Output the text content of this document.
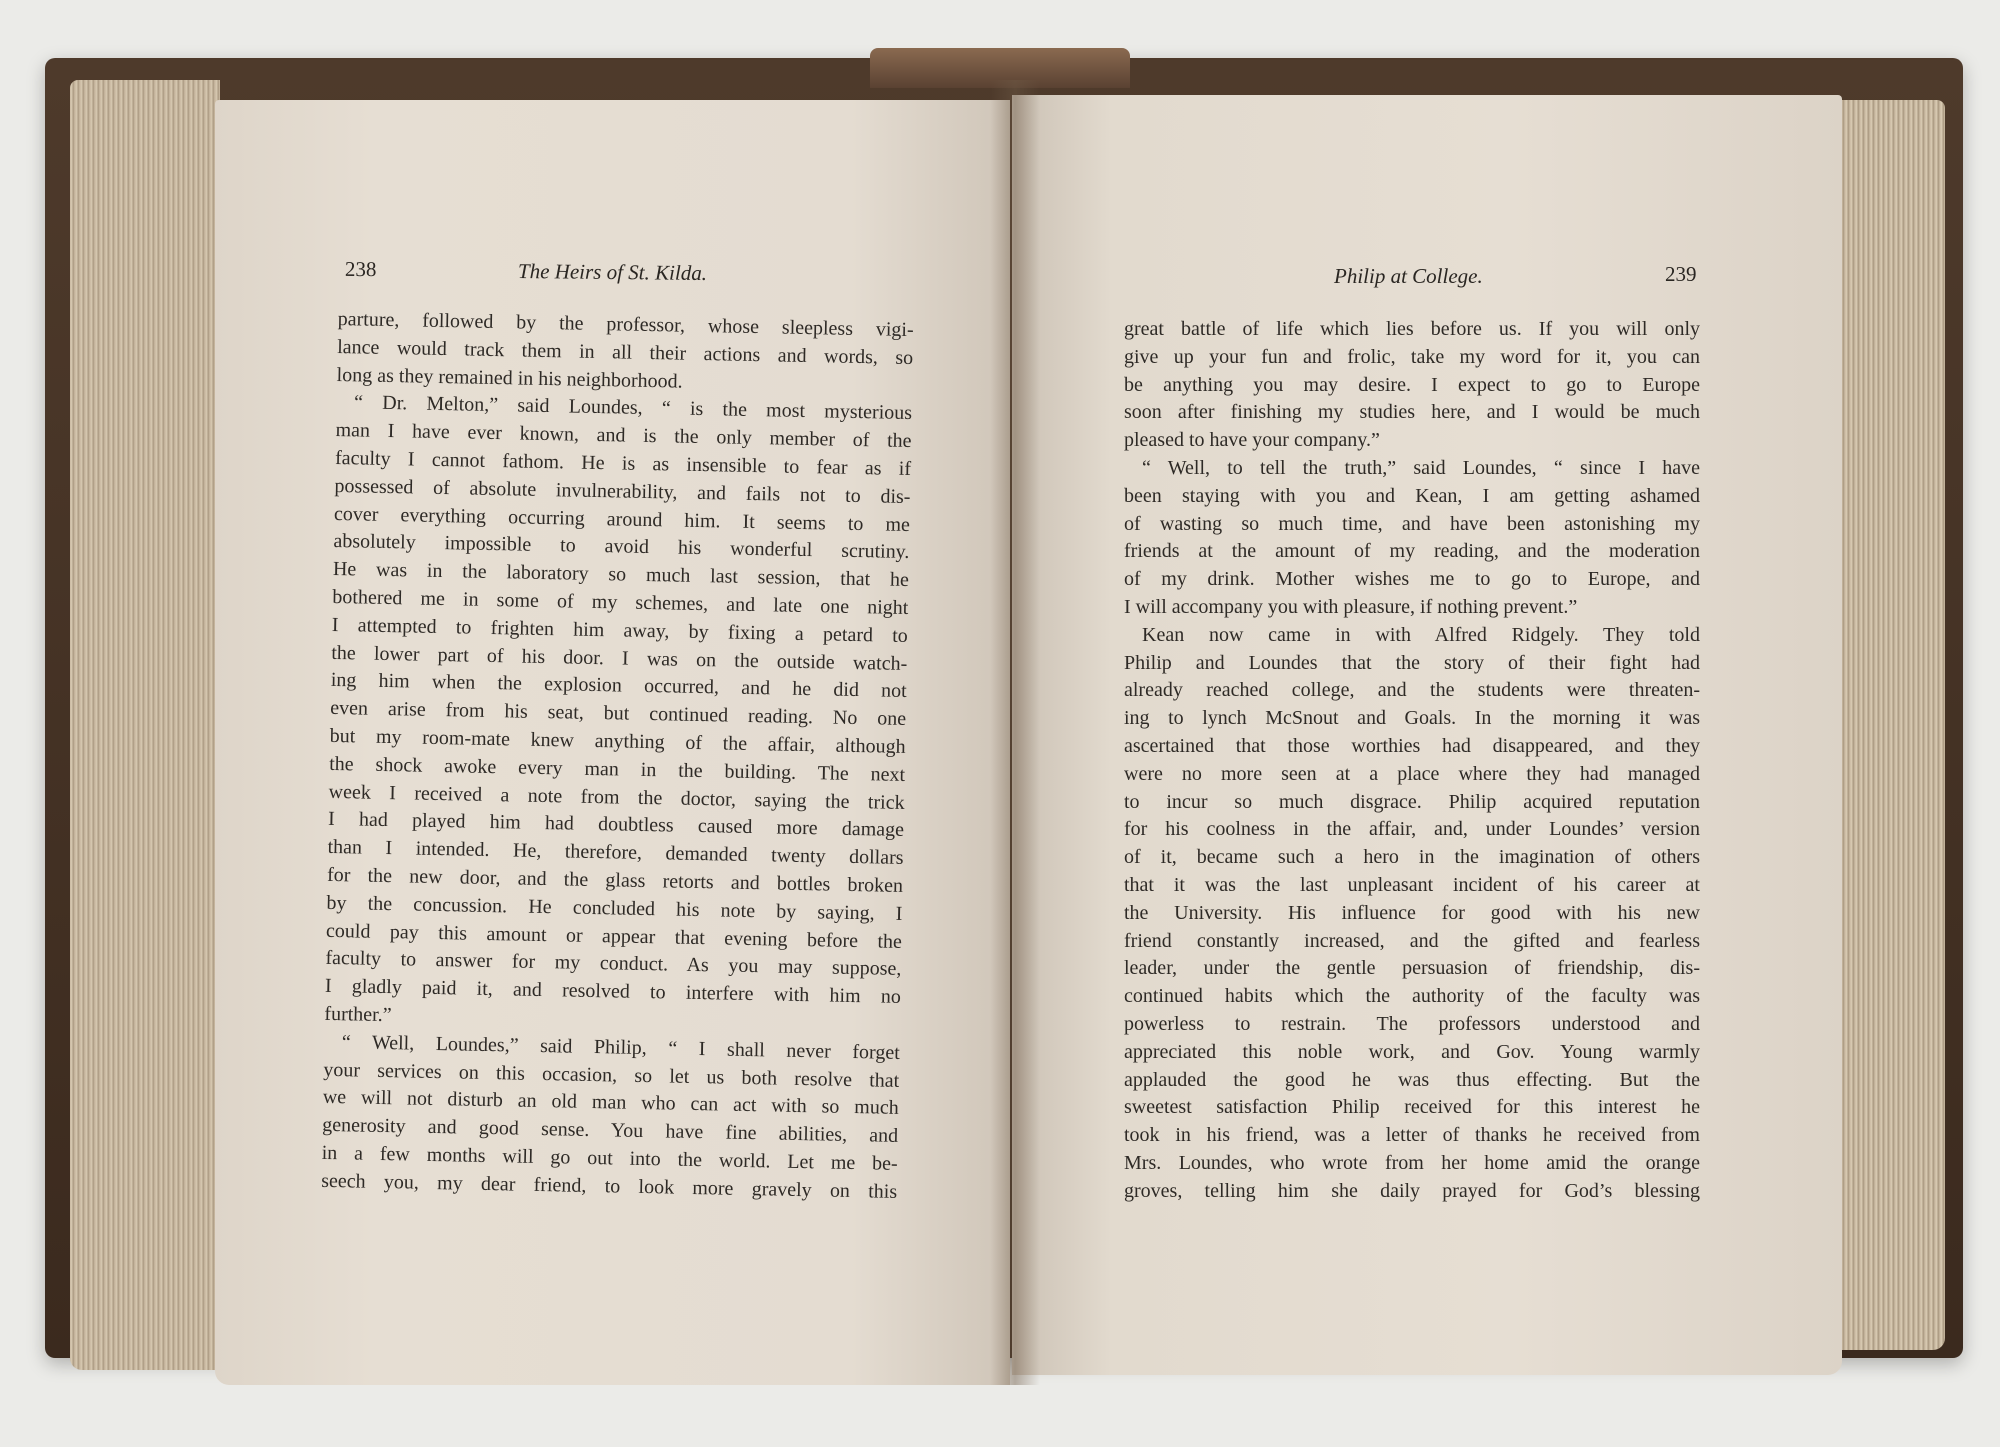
238	The Heirs of St. Kilda.	Philip at College.	239
parture, followed by the professor, whose sleepless vigi-
lance would track them in all their actions and words, so
long as they remained in his neighborhood.
“ Dr. Melton,” said Loundes, “ is the most mysterious
man I have ever known, and is the only member of the
faculty I cannot fathom. He is as insensible to fear as if
possessed of absolute invulnerability, and fails not to dis-
cover everything occurring around him. It seems to me
absolutely impossible to avoid his wonderful scrutiny.
He was in the laboratory so much last session, that he
bothered me in some of my schemes, and late one night
I attempted to frighten him away, by fixing a petard to
the lower part of his door. I was on the outside watch-
ing him when the explosion occurred, and he did not
even arise from his seat, but continued reading. No one
but my room-mate knew anything of the affair, although
the shock awoke every man in the building. The next
week I received a note from the doctor, saying the trick
I had played him had doubtless caused more damage
than I intended. He, therefore, demanded twenty dollars
for the new door, and the glass retorts and bottles broken
by the concussion. He concluded his note by saying, I
could pay this amount or appear that evening before the
faculty to answer for my conduct. As you may suppose,
I gladly paid it, and resolved to interfere with him no
further.”
“ Well, Loundes,” said Philip, “ I shall never forget
your services on this occasion, so let us both resolve that
we will not disturb an old man who can act with so much
generosity and good sense. You have fine abilities, and
in a few months will go out into the world. Let me be-
seech you, my dear friend, to look more gravely on this
great battle of life which lies before us. If you will only
give up your fun and frolic, take my word for it, you can
be anything you may desire. I expect to go to Europe
soon after finishing my studies here, and I would be much
pleased to have your company.”
“ Well, to tell the truth,” said Loundes, “ since I have
been staying with you and Kean, I am getting ashamed
of wasting so much time, and have been astonishing my
friends at the amount of my reading, and the moderation
of my drink. Mother wishes me to go to Europe, and
I will accompany you with pleasure, if nothing prevent.”
Kean now came in with Alfred Ridgely. They told
Philip and Loundes that the story of their fight had
already reached college, and the students were threaten-
ing to lynch McSnout and Goals. In the morning it was
ascertained that those worthies had disappeared, and they
were no more seen at a place where they had managed
to incur so much disgrace. Philip acquired reputation
for his coolness in the affair, and, under Loundes’ version
of it, became such a hero in the imagination of others
that it was the last unpleasant incident of his career at
the University. His influence for good with his new
friend constantly increased, and the gifted and fearless
leader, under the gentle persuasion of friendship, dis-
continued habits which the authority of the faculty was
powerless to restrain. The professors understood and
appreciated this noble work, and Gov. Young warmly
applauded the good he was thus effecting. But the
sweetest satisfaction Philip received for this interest he
took in his friend, was a letter of thanks he received from
Mrs. Loundes, who wrote from her home amid the orange
groves, telling him she daily prayed for God’s blessing
